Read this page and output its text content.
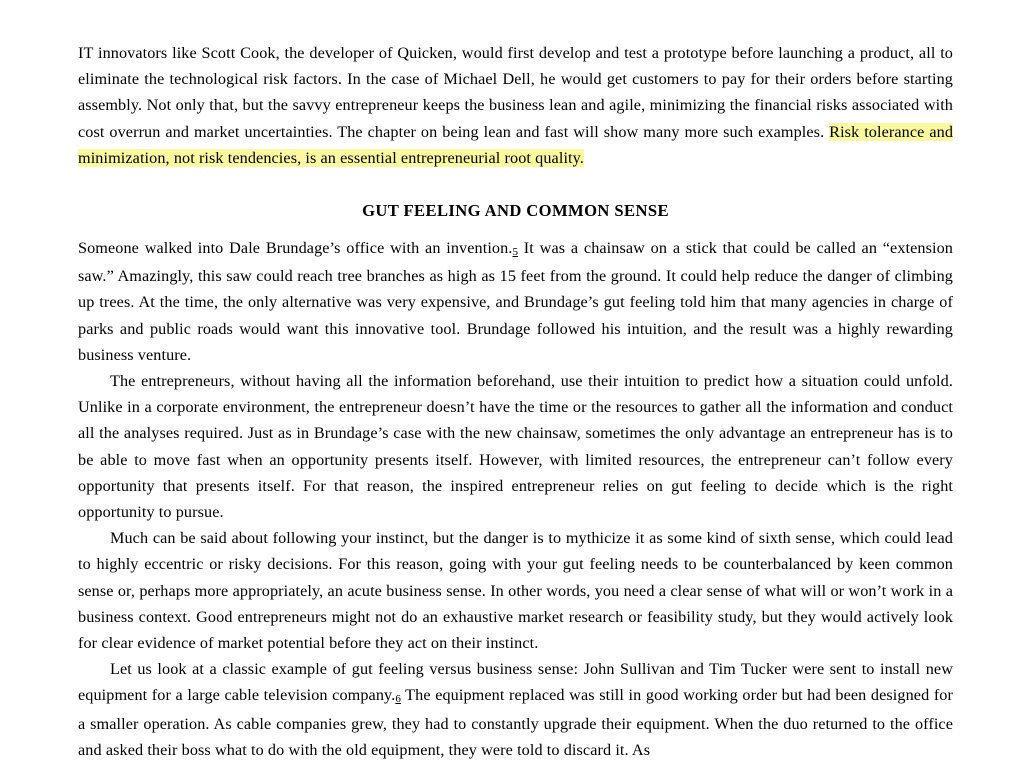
IT innovators like Scott Cook, the developer of Quicken, would first develop and test a prototype before launching a product, all to eliminate the technological risk factors. In the case of Michael Dell, he would get customers to pay for their orders before starting assembly. Not only that, but the savvy entrepreneur keeps the business lean and agile, minimizing the financial risks associated with cost overrun and market uncertainties. The chapter on being lean and fast will show many more such examples. Risk tolerance and minimization, not risk tendencies, is an essential entrepreneurial root quality.

GUT FEELING AND COMMON SENSE

Someone walked into Dale Brundage’s office with an invention.5 It was a chainsaw on a stick that could be called an “extension saw.” Amazingly, this saw could reach tree branches as high as 15 feet from the ground. It could help reduce the danger of climbing up trees. At the time, the only alternative was very expensive, and Brundage’s gut feeling told him that many agencies in charge of parks and public roads would want this innovative tool. Brundage followed his intuition, and the result was a highly rewarding business venture.

The entrepreneurs, without having all the information beforehand, use their intuition to predict how a situation could unfold. Unlike in a corporate environment, the entrepreneur doesn’t have the time or the resources to gather all the information and conduct all the analyses required. Just as in Brundage’s case with the new chainsaw, sometimes the only advantage an entrepreneur has is to be able to move fast when an opportunity presents itself. However, with limited resources, the entrepreneur can’t follow every opportunity that presents itself. For that reason, the inspired entrepreneur relies on gut feeling to decide which is the right opportunity to pursue.

Much can be said about following your instinct, but the danger is to mythicize it as some kind of sixth sense, which could lead to highly eccentric or risky decisions. For this reason, going with your gut feeling needs to be counterbalanced by keen common sense or, perhaps more appropriately, an acute business sense. In other words, you need a clear sense of what will or won’t work in a business context. Good entrepreneurs might not do an exhaustive market research or feasibility study, but they would actively look for clear evidence of market potential before they act on their instinct.

Let us look at a classic example of gut feeling versus business sense: John Sullivan and Tim Tucker were sent to install new equipment for a large cable television company.6 The equipment replaced was still in good working order but had been designed for a smaller operation. As cable companies grew, they had to constantly upgrade their equipment. When the duo returned to the office and asked their boss what to do with the old equipment, they were told to discard it. As
